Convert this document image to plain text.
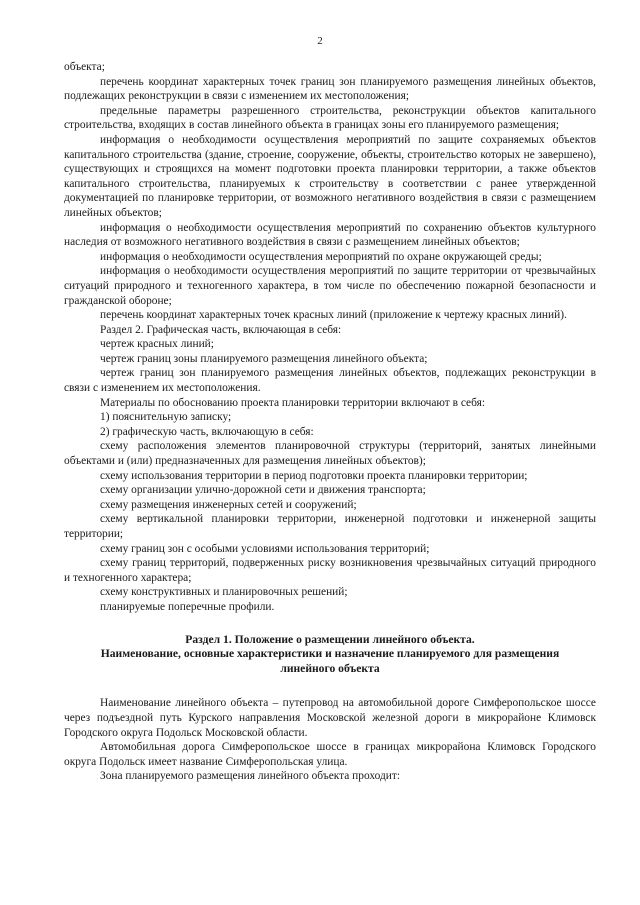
2

объекта;

перечень координат характерных точек границ зон планируемого размещения линейных объектов, подлежащих реконструкции в связи с изменением их местоположения;

предельные параметры разрешенного строительства, реконструкции объектов капитального строительства, входящих в состав линейного объекта в границах зоны его планируемого размещения;

информация о необходимости осуществления мероприятий по защите сохраняемых объектов капитального строительства (здание, строение, сооружение, объекты, строительство которых не завершено), существующих и строящихся на момент подготовки проекта планировки территории, а также объектов капитального строительства, планируемых к строительству в соответствии с ранее утвержденной документацией по планировке территории, от возможного негативного воздействия в связи с размещением линейных объектов;

информация о необходимости осуществления мероприятий по сохранению объектов культурного наследия от возможного негативного воздействия в связи с размещением линейных объектов;

информация о необходимости осуществления мероприятий по охране окружающей среды;

информация о необходимости осуществления мероприятий по защите территории от чрезвычайных ситуаций природного и техногенного характера, в том числе по обеспечению пожарной безопасности и гражданской обороне;

перечень координат характерных точек красных линий (приложение к чертежу красных линий).

Раздел 2. Графическая часть, включающая в себя:

чертеж красных линий;

чертеж границ зоны планируемого размещения линейного объекта;

чертеж границ зон планируемого размещения линейных объектов, подлежащих реконструкции в связи с изменением их местоположения.

Материалы по обоснованию проекта планировки территории включают в себя:

1) пояснительную записку;

2) графическую часть, включающую в себя:

схему расположения элементов планировочной структуры (территорий, занятых линейными объектами и (или) предназначенных для размещения линейных объектов);

схему использования территории в период подготовки проекта планировки территории;

схему организации улично-дорожной сети и движения транспорта;

схему размещения инженерных сетей и сооружений;

схему вертикальной планировки территории, инженерной подготовки и инженерной защиты территории;

схему границ зон с особыми условиями использования территорий;

схему границ территорий, подверженных риску возникновения чрезвычайных ситуаций природного и техногенного характера;

схему конструктивных и планировочных решений;

планируемые поперечные профили.

Раздел 1. Положение о размещении линейного объекта.
Наименование, основные характеристики и назначение планируемого для размещения
линейного объекта

Наименование линейного объекта – путепровод на автомобильной дороге Симферопольское шоссе через подъездной путь Курского направления Московской железной дороги в микрорайоне Климовск Городского округа Подольск Московской области.

Автомобильная дорога Симферопольское шоссе в границах микрорайона Климовск Городского округа Подольск имеет название Симферопольская улица.

Зона планируемого размещения линейного объекта проходит:
